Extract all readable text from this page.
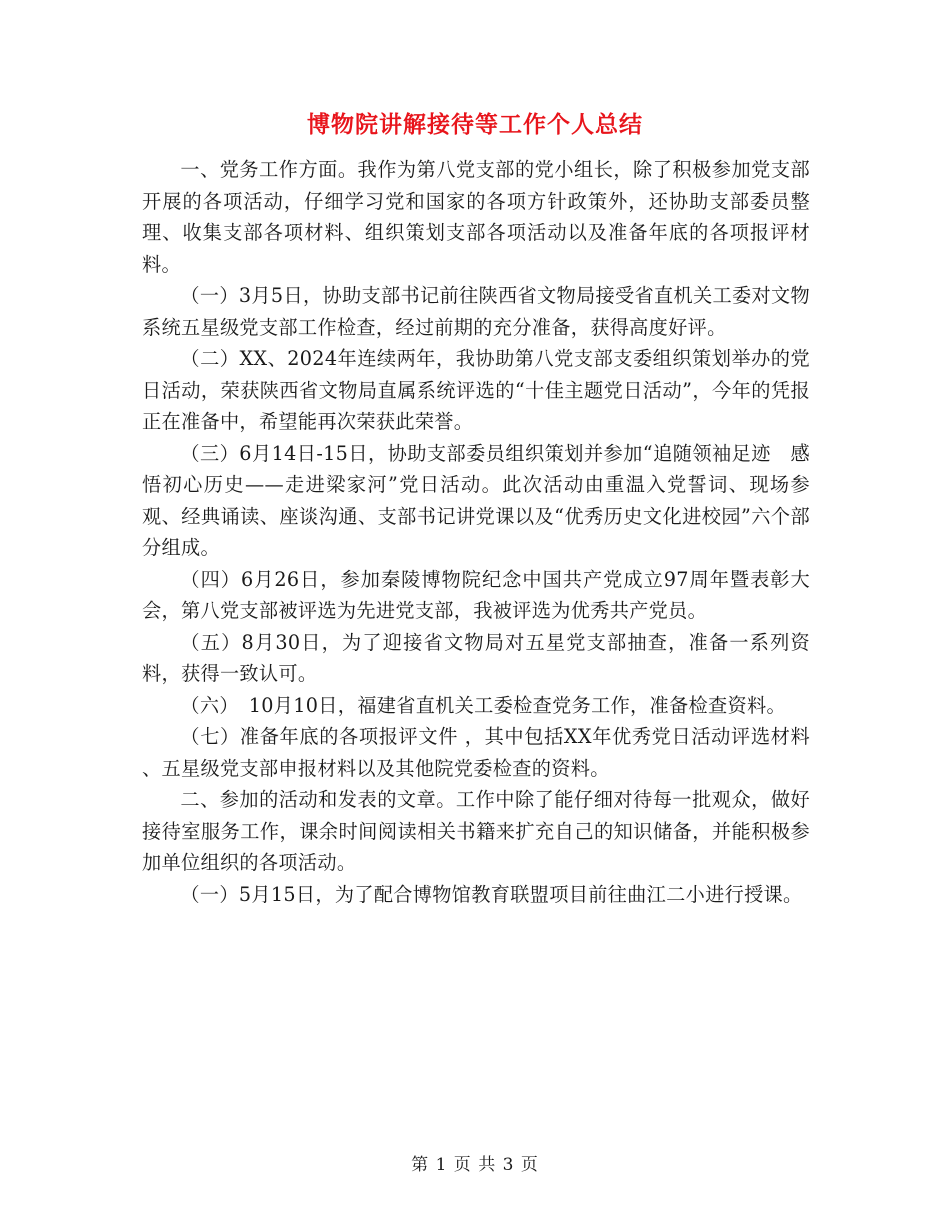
博物院讲解接待等工作个人总结

一、党务工作方面。我作为第八党支部的党小组长，除了积极参加党支部开展的各项活动，仔细学习党和国家的各项方针政策外，还协助支部委员整理、收集支部各项材料、组织策划支部各项活动以及准备年底的各项报评材料。

（一）3月5日，协助支部书记前往陕西省文物局接受省直机关工委对文物系统五星级党支部工作检查，经过前期的充分准备，获得高度好评。

（二）XX、2024年连续两年，我协助第八党支部支委组织策划举办的党日活动，荣获陕西省文物局直属系统评选的“十佳主题党日活动”，今年的凭报正在准备中，希望能再次荣获此荣誉。

（三）6月14日-15日，协助支部委员组织策划并参加“追随领袖足迹　感悟初心历史——走进梁家河”党日活动。此次活动由重温入党誓词、现场参观、经典诵读、座谈沟通、支部书记讲党课以及“优秀历史文化进校园”六个部分组成。

（四）6月26日，参加秦陵博物院纪念中国共产党成立97周年暨表彰大会，第八党支部被评选为先进党支部，我被评选为优秀共产党员。

（五）8月30日，为了迎接省文物局对五星党支部抽查，准备一系列资料，获得一致认可。

（六）　10月10日，福建省直机关工委检查党务工作，准备检查资料。

（七）准备年底的各项报评文件 ，其中包括XX年优秀党日活动评选材料 、五星级党支部申报材料以及其他院党委检查的资料。

二、参加的活动和发表的文章。工作中除了能仔细对待每一批观众，做好接待室服务工作，课余时间阅读相关书籍来扩充自己的知识储备，并能积极参加单位组织的各项活动。

（一）5月15日，为了配合博物馆教育联盟项目前往曲江二小进行授课。

第 1 页 共 3 页
